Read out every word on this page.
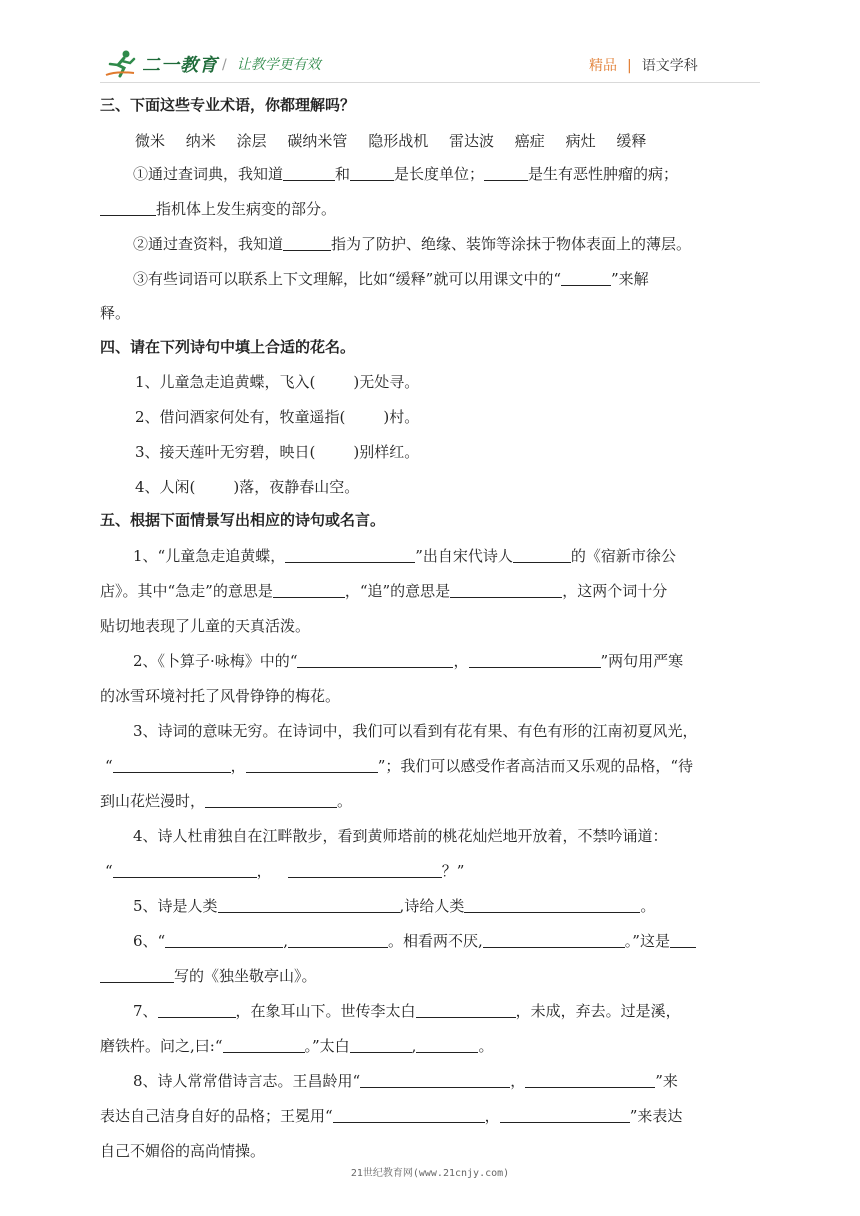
二一教育 / 让教学更有效	精品 | 语文学科
三、下面这些专业术语，你都理解吗？
微米 纳米 涂层 碳纳米管 隐形战机 雷达波 癌症 病灶 缓释
①通过查词典，我知道	和	是长度单位；	是生有恶性肿瘤的病；
指机体上发生病变的部分。
②通过查资料，我知道	指为了防护、绝缘、装饰等涂抹于物体表面上的薄层。
③有些词语可以联系上下文理解，比如“缓释”就可以用课文中的“	”来解
释。
四、请在下列诗句中填上合适的花名。
1、儿童急走追黄蝶，飞入(	)无处寻。
2、借问酒家何处有，牧童遥指(	)村。
3、接天莲叶无穷碧，映日(	)别样红。
4、人闲(	)落，夜静春山空。
五、根据下面情景写出相应的诗句或名言。
1、“儿童急走追黄蝶，	”出自宋代诗人	的《宿新市徐公
店》。其中“急走”的意思是	，“追”的意思是	，这两个词十分
贴切地表现了儿童的天真活泼。
2、《卜算子·咏梅》中的“	，	”两句用严寒
的冰雪环境衬托了风骨铮铮的梅花。
3、诗词的意味无穷。在诗词中，我们可以看到有花有果、有色有形的江南初夏风光，
“	，	”；我们可以感受作者高洁而又乐观的品格，“待
到山花烂漫时，	。
4、诗人杜甫独自在江畔散步，看到黄师塔前的桃花灿烂地开放着，不禁吟诵道：
“	，	？”
5、诗是人类	,诗给人类	。
6、“	,	。相看两不厌,	。”这是
写的《独坐敬亭山》。
7、	，在象耳山下。世传李太白	，未成，弃去。过是溪，
磨铁杵。问之,曰:“	。”太白	,	。
8、诗人常常借诗言志。王昌龄用“	，	”来
表达自己洁身自好的品格；王冕用“	，	”来表达
自己不媚俗的高尚情操。
21世纪教育网(www.21cnjy.com)
